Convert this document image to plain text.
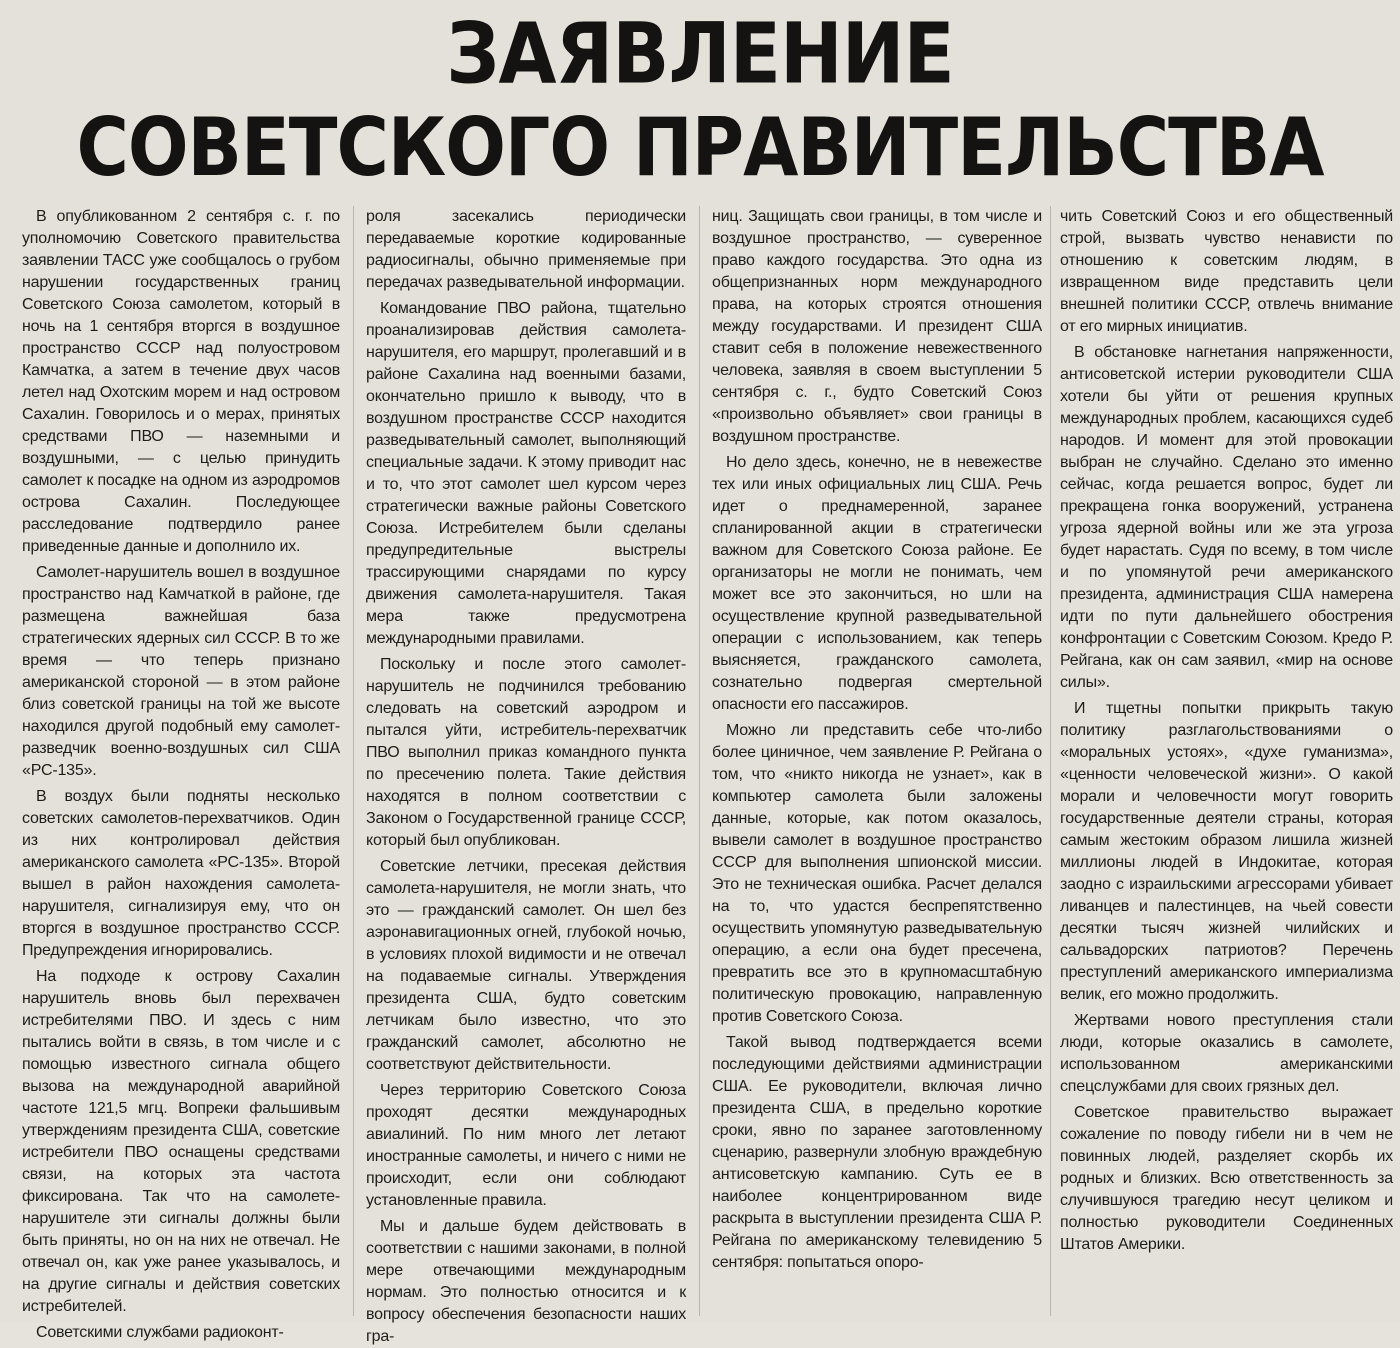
ЗАЯВЛЕНИЕ
СОВЕТСКОГО ПРАВИТЕЛЬСТВА

В опубликованном 2 сентября с. г. по уполномочию Советского правительства заявлении ТАСС уже сообщалось о грубом нарушении государственных границ Советского Союза самолетом, который в ночь на 1 сентября вторгся в воздушное пространство СССР над полуостровом Камчатка, а затем в течение двух часов летел над Охотским морем и над островом Сахалин. Говорилось и о мерах, принятых средствами ПВО — наземными и воздушными, — с целью принудить самолет к посадке на одном из аэродромов острова Сахалин. Последующее расследование подтвердило ранее приведенные данные и дополнило их.

Самолет-нарушитель вошел в воздушное пространство над Камчаткой в районе, где размещена важнейшая база стратегических ядерных сил СССР. В то же время — что теперь признано американской стороной — в этом районе близ советской границы на той же высоте находился другой подобный ему самолет-разведчик военно-воздушных сил США «РС-135».

В воздух были подняты несколько советских самолетов-перехватчиков. Один из них контролировал действия американского самолета «РС-135». Второй вышел в район нахождения самолета-нарушителя, сигнализируя ему, что он вторгся в воздушное пространство СССР. Предупреждения игнорировались.

На подходе к острову Сахалин нарушитель вновь был перехвачен истребителями ПВО. И здесь с ним пытались войти в связь, в том числе и с помощью известного сигнала общего вызова на международной аварийной частоте 121,5 мгц. Вопреки фальшивым утверждениям президента США, советские истребители ПВО оснащены средствами связи, на которых эта частота фиксирована. Так что на самолете-нарушителе эти сигналы должны были быть приняты, но он на них не отвечал. Не отвечал он, как уже ранее указывалось, и на другие сигналы и действия советских истребителей.

Советскими службами радиоконт-

роля засекались периодически передаваемые короткие кодированные радиосигналы, обычно применяемые при передачах разведывательной информации.

Командование ПВО района, тщательно проанализировав действия самолета-нарушителя, его маршрут, пролегавший и в районе Сахалина над военными базами, окончательно пришло к выводу, что в воздушном пространстве СССР находится разведывательный самолет, выполняющий специальные задачи. К этому приводит нас и то, что этот самолет шел курсом через стратегически важные районы Советского Союза. Истребителем были сделаны предупредительные выстрелы трассирующими снарядами по курсу движения самолета-нарушителя. Такая мера также предусмотрена международными правилами.

Поскольку и после этого самолет-нарушитель не подчинился требованию следовать на советский аэродром и пытался уйти, истребитель-перехватчик ПВО выполнил приказ командного пункта по пресечению полета. Такие действия находятся в полном соответствии с Законом о Государственной границе СССР, который был опубликован.

Советские летчики, пресекая действия самолета-нарушителя, не могли знать, что это — гражданский самолет. Он шел без аэронавигационных огней, глубокой ночью, в условиях плохой видимости и не отвечал на подаваемые сигналы. Утверждения президента США, будто советским летчикам было известно, что это гражданский самолет, абсолютно не соответствуют действительности.

Через территорию Советского Союза проходят десятки международных авиалиний. По ним много лет летают иностранные самолеты, и ничего с ними не происходит, если они соблюдают установленные правила.

Мы и дальше будем действовать в соответствии с нашими законами, в полной мере отвечающими международным нормам. Это полностью относится и к вопросу обеспечения безопасности наших гра-

ниц. Защищать свои границы, в том числе и воздушное пространство, — суверенное право каждого государства. Это одна из общепризнанных норм международного права, на которых строятся отношения между государствами. И президент США ставит себя в положение невежественного человека, заявляя в своем выступлении 5 сентября с. г., будто Советский Союз «произвольно объявляет» свои границы в воздушном пространстве.

Но дело здесь, конечно, не в невежестве тех или иных официальных лиц США. Речь идет о преднамеренной, заранее спланированной акции в стратегически важном для Советского Союза районе. Ее организаторы не могли не понимать, чем может все это закончиться, но шли на осуществление крупной разведывательной операции с использованием, как теперь выясняется, гражданского самолета, сознательно подвергая смертельной опасности его пассажиров.

Можно ли представить себе что-либо более циничное, чем заявление Р. Рейгана о том, что «никто никогда не узнает», как в компьютер самолета были заложены данные, которые, как потом оказалось, вывели самолет в воздушное пространство СССР для выполнения шпионской миссии. Это не техническая ошибка. Расчет делался на то, что удастся беспрепятственно осуществить упомянутую разведывательную операцию, а если она будет пресечена, превратить все это в крупномасштабную политическую провокацию, направленную против Советского Союза.

Такой вывод подтверждается всеми последующими действиями администрации США. Ее руководители, включая лично президента США, в предельно короткие сроки, явно по заранее заготовленному сценарию, развернули злобную враждебную антисоветскую кампанию. Суть ее в наиболее концентрированном виде раскрыта в выступлении президента США Р. Рейгана по американскому телевидению 5 сентября: попытаться опоро-

чить Советский Союз и его общественный строй, вызвать чувство ненависти по отношению к советским людям, в извращенном виде представить цели внешней политики СССР, отвлечь внимание от его мирных инициатив.

В обстановке нагнетания напряженности, антисоветской истерии руководители США хотели бы уйти от решения крупных международных проблем, касающихся судеб народов. И момент для этой провокации выбран не случайно. Сделано это именно сейчас, когда решается вопрос, будет ли прекращена гонка вооружений, устранена угроза ядерной войны или же эта угроза будет нарастать. Судя по всему, в том числе и по упомянутой речи американского президента, администрация США намерена идти по пути дальнейшего обострения конфронтации с Советским Союзом. Кредо Р. Рейгана, как он сам заявил, «мир на основе силы».

И тщетны попытки прикрыть такую политику разглагольствованиями о «моральных устоях», «духе гуманизма», «ценности человеческой жизни». О какой морали и человечности могут говорить государственные деятели страны, которая самым жестоким образом лишила жизней миллионы людей в Индокитае, которая заодно с израильскими агрессорами убивает ливанцев и палестинцев, на чьей совести десятки тысяч жизней чилийских и сальвадорских патриотов? Перечень преступлений американского империализма велик, его можно продолжить.

Жертвами нового преступления стали люди, которые оказались в самолете, использованном американскими спецслужбами для своих грязных дел.

Советское правительство выражает сожаление по поводу гибели ни в чем не повинных людей, разделяет скорбь их родных и близких. Всю ответственность за случившуюся трагедию несут целиком и полностью руководители Соединенных Штатов Америки.
